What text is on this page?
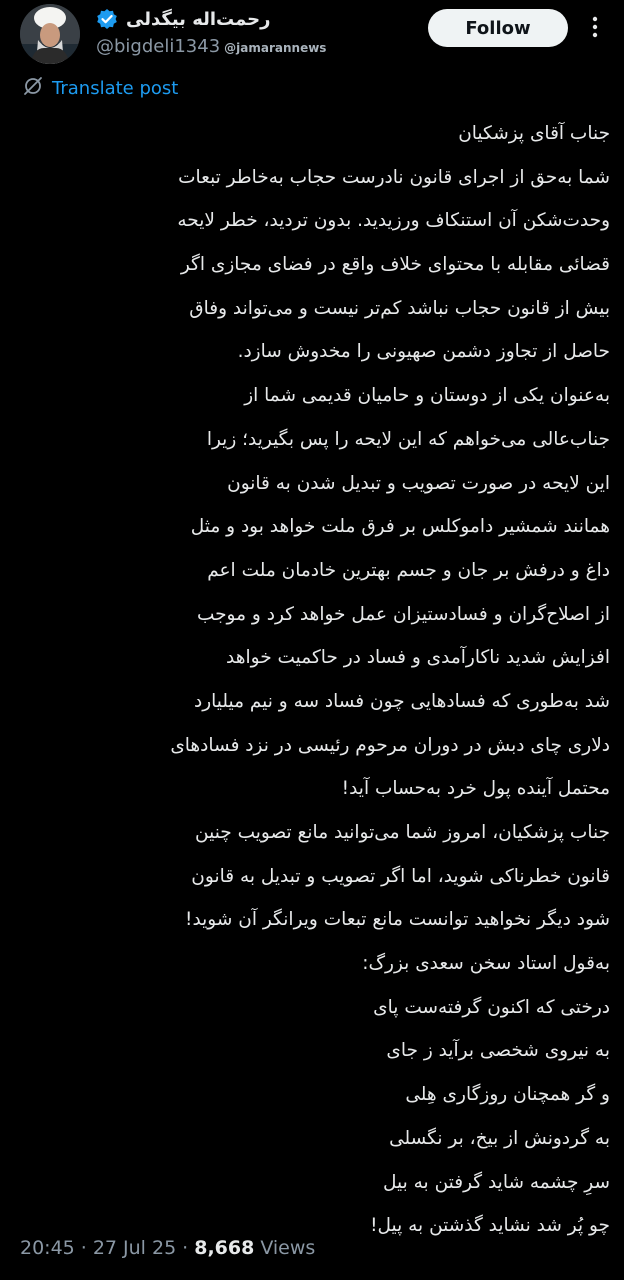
رحمت‌اله بیگدلی
@bigdeli1343 @jamarannews
Follow
Translate post
جناب آقای پزشکیان
شما به‌حق از اجرای قانون نادرست حجاب به‌خاطر تبعات
وحدت‌شکن آن استنکاف ورزیدید. بدون تردید، خطر لایحه
قضائی مقابله با محتوای خلاف واقع در فضای مجازی اگر
بیش از قانون حجاب نباشد کم‌تر نیست و می‌تواند وفاق
حاصل از تجاوز دشمن صهیونی را مخدوش سازد.
به‌عنوان یکی از دوستان و حامیان قدیمی شما از
جناب‌عالی می‌خواهم که این لایحه را پس بگیرید؛ زیرا
این لایحه در صورت تصویب و تبدیل شدن به قانون
همانند شمشیر داموکلس بر فرق ملت خواهد بود و مثل
داغ و درفش بر جان و جسم بهترین خادمان ملت اعم
از اصلاح‌گران و فسادستیزان عمل خواهد کرد و موجب
افزایش شدید ناکارآمدی و فساد در حاکمیت خواهد
شد به‌طوری که فسادهایی چون فساد سه و نیم میلیارد
دلاری چای دبش در دوران مرحوم رئیسی در نزد فسادهای
محتمل آینده پول خرد به‌حساب آید!
جناب پزشکیان، امروز شما می‌توانید مانع تصویب چنین
قانون خطرناکی شوید، اما اگر تصویب و تبدیل به قانون
شود دیگر نخواهید توانست مانع تبعات ویرانگر آن شوید!
به‌قول استاد سخن سعدی بزرگ:
درختی که اکنون گرفته‌ست پای
به نیروی شخصی برآید ز جای
و گر همچنان روزگاری هِلی
به گردونش از بیخ، بر نگسلی
سرِ چشمه شاید گرفتن به بیل
چو پُر شد نشاید گذشتن به پیل!
20:45 · 27 Jul 25 · 8,668 Views
